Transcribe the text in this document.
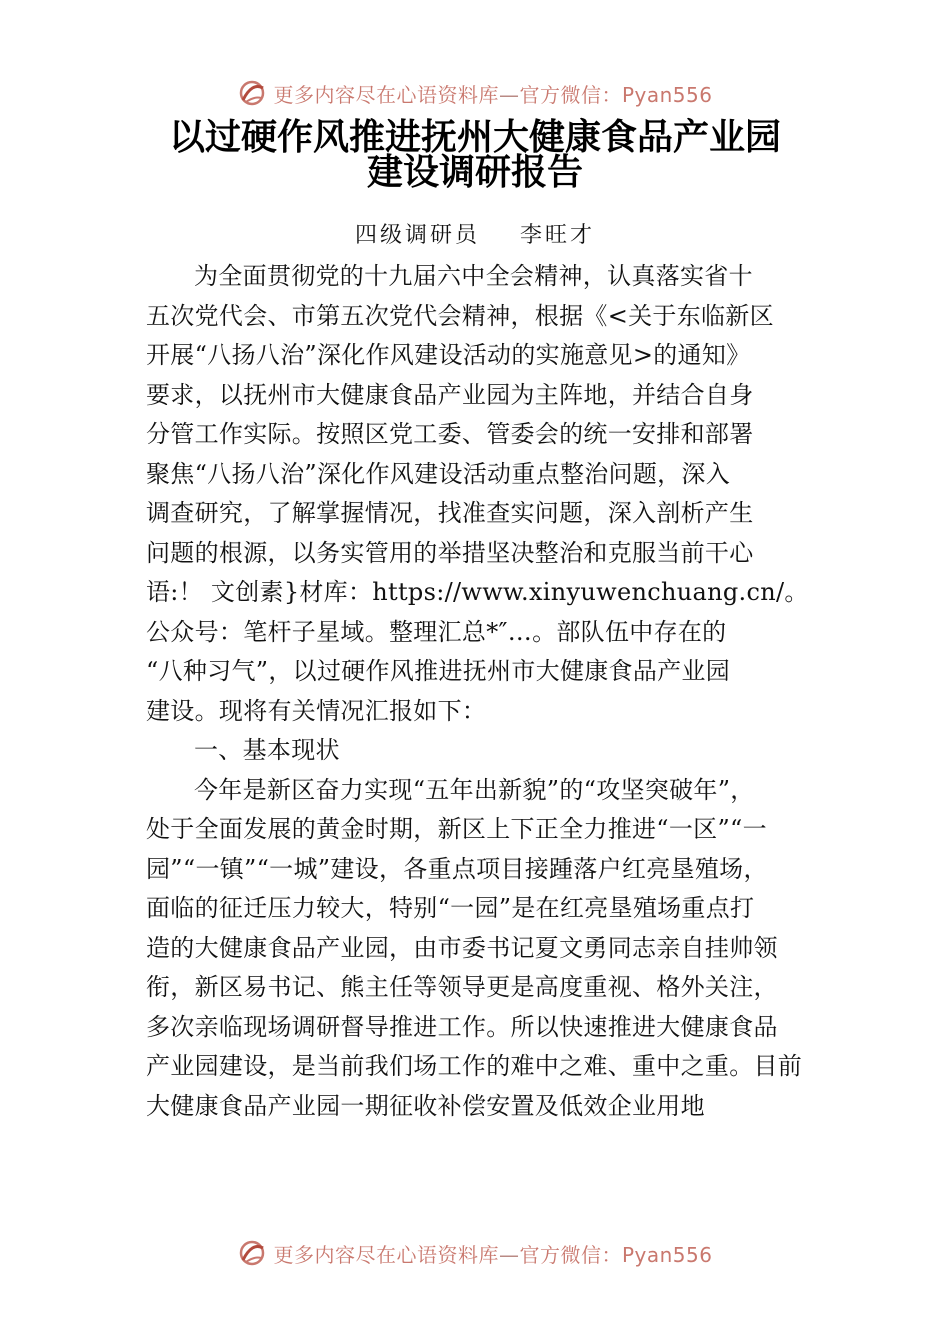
更多内容尽在心语资料库—官方微信：Pyan556
以过硬作风推进抚州大健康食品产业园
建设调研报告
四级调研员    李旺才
为全面贯彻党的十九届六中全会精神，认真落实省十
五次党代会、市第五次党代会精神，根据《<关于东临新区
开展“八扬八治”深化作风建设活动的实施意见>的通知》
要求，以抚州市大健康食品产业园为主阵地，并结合自身
分管工作实际。按照区党工委、管委会的统一安排和部署
聚焦“八扬八治”深化作风建设活动重点整治问题，深入
调查研究，了解掌握情况，找准查实问题，深入剖析产生
问题的根源，以务实管用的举措坚决整治和克服当前干心
语:！ 文创素}材库：https://www.xinyuwenchuang.cn/。
公众号：笔杆子星域。整理汇总*″…。部队伍中存在的
“八种习气”，以过硬作风推进抚州市大健康食品产业园
建设。现将有关情况汇报如下：
一、基本现状
今年是新区奋力实现“五年出新貌”的“攻坚突破年”，
处于全面发展的黄金时期，新区上下正全力推进“一区”“一
园”“一镇”“一城”建设，各重点项目接踵落户红亮垦殖场，
面临的征迁压力较大，特别“一园”是在红亮垦殖场重点打
造的大健康食品产业园，由市委书记夏文勇同志亲自挂帅领
衔，新区易书记、熊主任等领导更是高度重视、格外关注，
多次亲临现场调研督导推进工作。所以快速推进大健康食品
产业园建设，是当前我们场工作的难中之难、重中之重。目前
大健康食品产业园一期征收补偿安置及低效企业用地
更多内容尽在心语资料库—官方微信：Pyan556
